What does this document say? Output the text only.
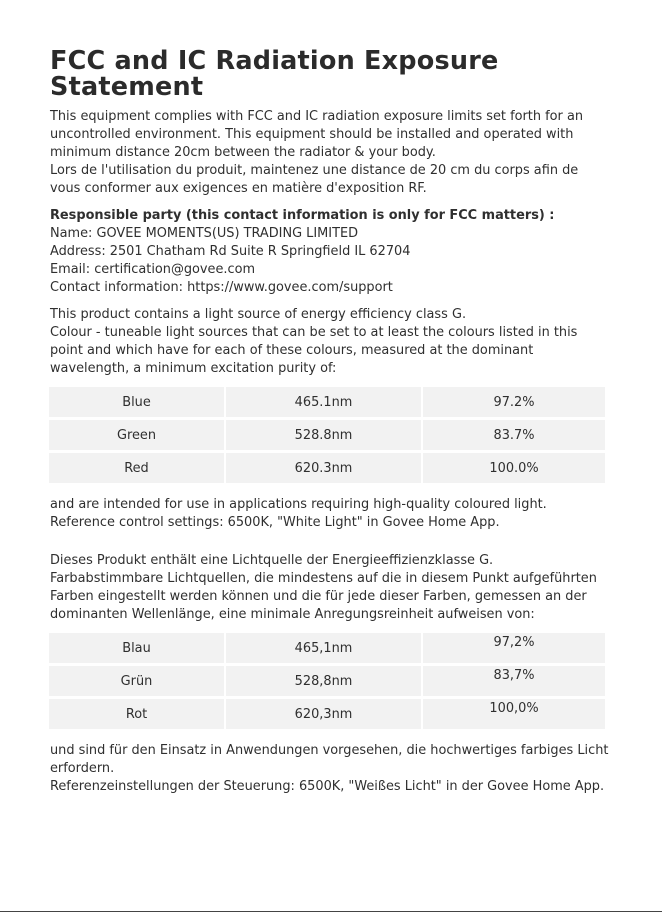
FCC and IC Radiation Exposure Statement

This equipment complies with FCC and IC radiation exposure limits set forth for an uncontrolled environment. This equipment should be installed and operated with minimum distance 20cm between the radiator & your body.

Lors de l'utilisation du produit, maintenez une distance de 20 cm du corps afin de vous conformer aux exigences en matière d'exposition RF.

Responsible party (this contact information is only for FCC matters) :

Name: GOVEE MOMENTS(US) TRADING LIMITED

Address: 2501 Chatham Rd Suite R Springfield IL 62704

Email: certification@govee.com

Contact information: https://www.govee.com/support

This product contains a light source of energy efficiency class G.

Colour - tuneable light sources that can be set to at least the colours listed in this point and which have for each of these colours, measured at the dominant wavelength, a minimum excitation purity of:

Blue	465.1nm	97.2%
Green	528.8nm	83.7%
Red	620.3nm	100.0%

and are intended for use in applications requiring high-quality coloured light.

Reference control settings: 6500K, "White Light" in Govee Home App.

Dieses Produkt enthält eine Lichtquelle der Energieeffizienzklasse G.

Farbabstimmbare Lichtquellen, die mindestens auf die in diesem Punkt aufgeführten Farben eingestellt werden können und die für jede dieser Farben, gemessen an der dominanten Wellenlänge, eine minimale Anregungsreinheit aufweisen von:

Blau	465,1nm	97,2%
Grün	528,8nm	83,7%
Rot	620,3nm	100,0%

und sind für den Einsatz in Anwendungen vorgesehen, die hochwertiges farbiges Licht erfordern.

Referenzeinstellungen der Steuerung: 6500K, "Weißes Licht" in der Govee Home App.
